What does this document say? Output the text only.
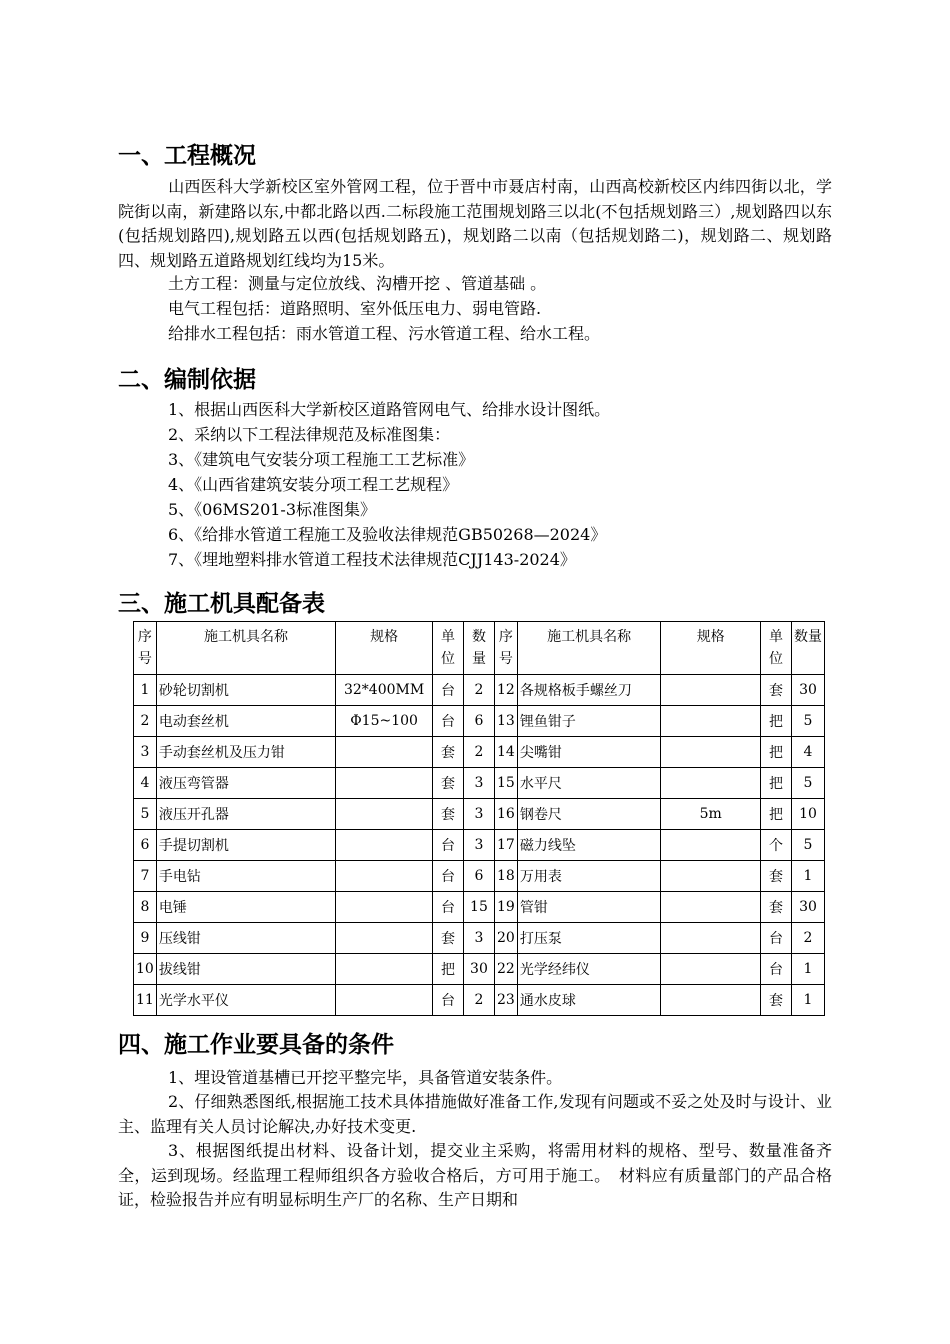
一、工程概况
山西医科大学新校区室外管网工程，位于晋中市聂店村南，山西高校新校区内纬四街以北，学院街以南，新建路以东,中都北路以西.二标段施工范围规划路三以北(不包括规划路三）,规划路四以东(包括规划路四),规划路五以西(包括规划路五)，规划路二以南（包括规划路二)，规划路二、规划路四、规划路五道路规划红线均为15米。
土方工程：测量与定位放线、沟槽开挖 、管道基础 。
电气工程包括：道路照明、室外低压电力、弱电管路.
给排水工程包括：雨水管道工程、污水管道工程、给水工程。
二、编制依据
1、根据山西医科大学新校区道路管网电气、给排水设计图纸。
2、采纳以下工程法律规范及标准图集：
3、《建筑电气安装分项工程施工工艺标准》
4、《山西省建筑安装分项工程工艺规程》
5、《06MS201-3标准图集》
6、《给排水管道工程施工及验收法律规范GB50268—2024》
7、《埋地塑料排水管道工程技术法律规范CJJ143-2024》
三、施工机具配备表
序号	施工机具名称	规格	单位	数量	序号	施工机具名称	规格	单位	数量
1	砂轮切割机	32*400MM	台	2	12	各规格板手螺丝刀		套	30
2	电动套丝机	Φ15~100	台	6	13	锂鱼钳子		把	5
3	手动套丝机及压力钳		套	2	14	尖嘴钳		把	4
4	液压弯管器		套	3	15	水平尺		把	5
5	液压开孔器		套	3	16	钢卷尺	5m	把	10
6	手提切割机		台	3	17	磁力线坠		个	5
7	手电钻		台	6	18	万用表		套	1
8	电锤		台	15	19	管钳		套	30
9	压线钳		套	3	20	打压泵		台	2
10	拔线钳		把	30	22	光学经纬仪		台	1
11	光学水平仪		台	2	23	通水皮球		套	1
四、施工作业要具备的条件
1、埋设管道基槽已开挖平整完毕，具备管道安装条件。
2、仔细熟悉图纸,根据施工技术具体措施做好准备工作,发现有问题或不妥之处及时与设计、业主、监理有关人员讨论解决,办好技术变更.
3、根据图纸提出材料、设备计划，提交业主采购，将需用材料的规格、型号、数量准备齐全，运到现场。经监理工程师组织各方验收合格后，方可用于施工。　材料应有质量部门的产品合格证，检验报告并应有明显标明生产厂的名称、生产日期和
